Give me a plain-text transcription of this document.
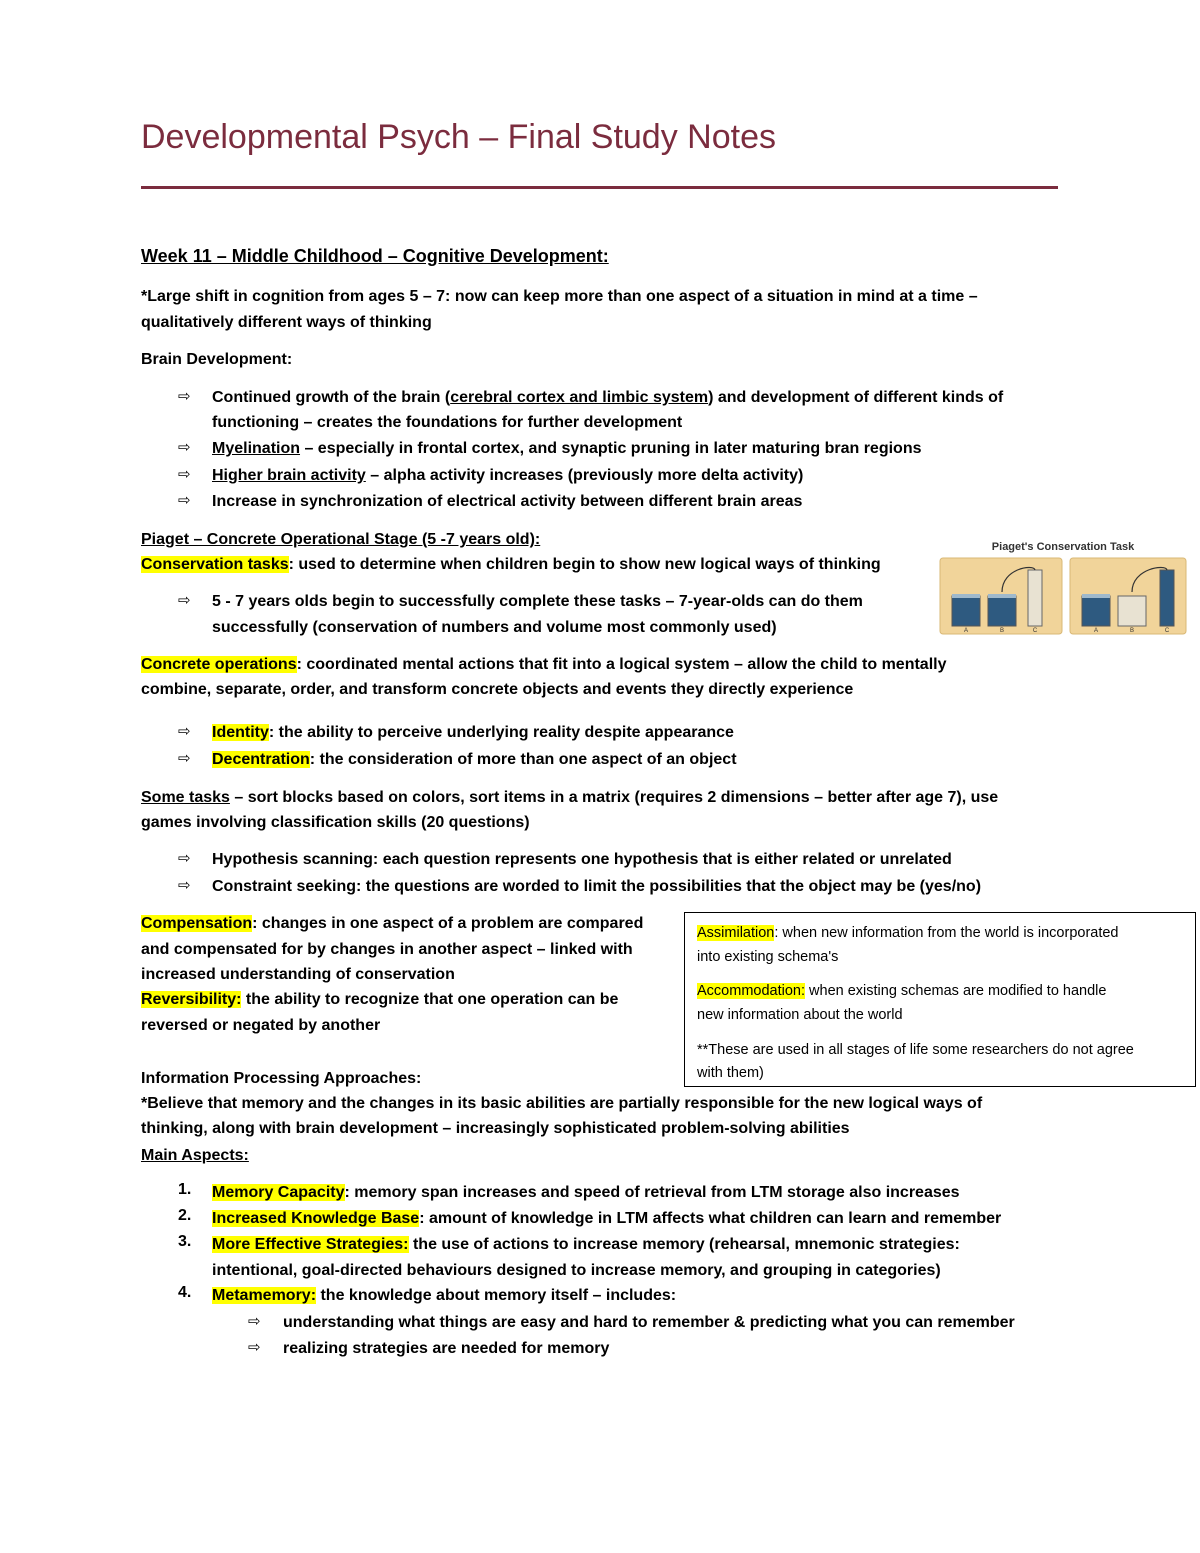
Developmental Psych – Final Study Notes
Week 11 – Middle Childhood – Cognitive Development:
*Large shift in cognition from ages 5 – 7: now can keep more than one aspect of a situation in mind at a time –
qualitatively different ways of thinking
Brain Development:
⇨ Continued growth of the brain (cerebral cortex and limbic system) and development of different kinds of
functioning – creates the foundations for further development
⇨ Myelination – especially in frontal cortex, and synaptic pruning in later maturing bran regions
⇨ Higher brain activity – alpha activity increases (previously more delta activity)
⇨ Increase in synchronization of electrical activity between different brain areas
Piaget – Concrete Operational Stage (5 -7 years old):
Conservation tasks: used to determine when children begin to show new logical ways of thinking
⇨ 5 - 7 years olds begin to successfully complete these tasks – 7-year-olds can do them
successfully (conservation of numbers and volume most commonly used)
Concrete operations: coordinated mental actions that fit into a logical system – allow the child to mentally
combine, separate, order, and transform concrete objects and events they directly experience
⇨ Identity: the ability to perceive underlying reality despite appearance
⇨ Decentration: the consideration of more than one aspect of an object
Some tasks – sort blocks based on colors, sort items in a matrix (requires 2 dimensions – better after age 7), use
games involving classification skills (20 questions)
⇨ Hypothesis scanning: each question represents one hypothesis that is either related or unrelated
⇨ Constraint seeking: the questions are worded to limit the possibilities that the object may be (yes/no)
Compensation: changes in one aspect of a problem are compared
and compensated for by changes in another aspect – linked with
increased understanding of conservation
Reversibility: the ability to recognize that one operation can be
reversed or negated by another
Assimilation: when new information from the world is incorporated
into existing schema's
Accommodation: when existing schemas are modified to handle
new information about the world
**These are used in all stages of life some researchers do not agree
with them)
Piaget's Conservation Task
A	B	C	A	B	C
Information Processing Approaches:
*Believe that memory and the changes in its basic abilities are partially responsible for the new logical ways of
thinking, along with brain development – increasingly sophisticated problem-solving abilities
Main Aspects:
1. Memory Capacity: memory span increases and speed of retrieval from LTM storage also increases
2. Increased Knowledge Base: amount of knowledge in LTM affects what children can learn and remember
3. More Effective Strategies: the use of actions to increase memory (rehearsal, mnemonic strategies:
intentional, goal-directed behaviours designed to increase memory, and grouping in categories)
4. Metamemory: the knowledge about memory itself – includes:
⇨ understanding what things are easy and hard to remember & predicting what you can remember
⇨ realizing strategies are needed for memory
